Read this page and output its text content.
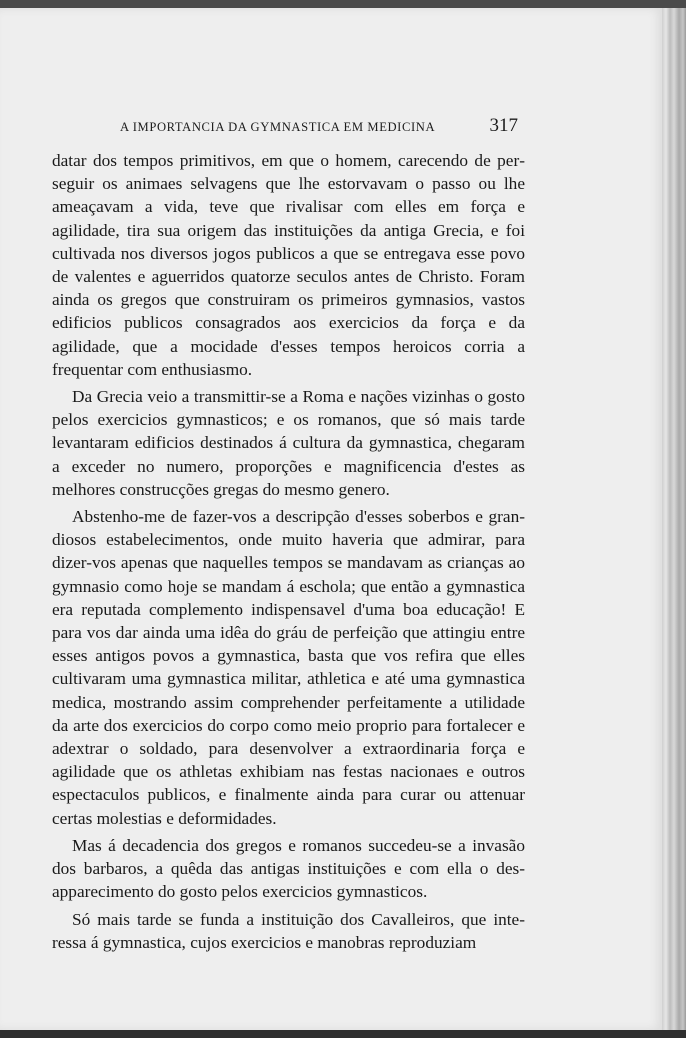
A IMPORTANCIA DA GYMNASTICA EM MEDICINA	317

datar dos tempos primitivos, em que o homem, carecendo de perseguir os animaes selvagens que lhe estorvavam o passo ou lhe ameaçavam a vida, teve que rivalisar com elles em força e agilidade, tira sua origem das instituições da antiga Grecia, e foi cultivada nos diversos jogos publicos a que se entregava esse povo de valentes e aguerridos quatorze seculos antes de Christo. Foram ainda os gregos que construiram os primeiros gymnasios, vastos edificios publicos consagrados aos exercicios da força e da agilidade, que a mocidade d'esses tempos heroicos corria a frequentar com enthusiasmo.

Da Grecia veio a transmittir-se a Roma e nações vizinhas o gosto pelos exercicios gymnasticos; e os romanos, que só mais tarde levantaram edificios destinados á cultura da gymnastica, chegaram a exceder no numero, proporções e magnificencia d'estes as melhores construcções gregas do mesmo genero.

Abstenho-me de fazer-vos a descripção d'esses soberbos e grandiosos estabelecimentos, onde muito haveria que admirar, para dizer-vos apenas que naquelles tempos se mandavam as crianças ao gymnasio como hoje se mandam á eschola; que então a gymnastica era reputada complemento indispensavel d'uma boa educação! E para vos dar ainda uma idêa do gráu de perfeição que attingiu entre esses antigos povos a gymnastica, basta que vos refira que elles cultivaram uma gymnastica militar, athletica e até uma gymnastica medica, mostrando assim comprehender perfeitamente a utilidade da arte dos exercicios do corpo como meio proprio para fortalecer e adextrar o soldado, para desenvolver a extraordinaria força e agilidade que os athletas exhibiam nas festas nacionaes e outros espectaculos publicos, e finalmente ainda para curar ou attenuar certas molestias e deformidades.

Mas á decadencia dos gregos e romanos succedeu-se a invasão dos barbaros, a quêda das antigas instituições e com ella o desapparecimento do gosto pelos exercicios gymnasticos.

Só mais tarde se funda a instituição dos Cavalleiros, que interessa á gymnastica, cujos exercicios e manobras reproduziam
